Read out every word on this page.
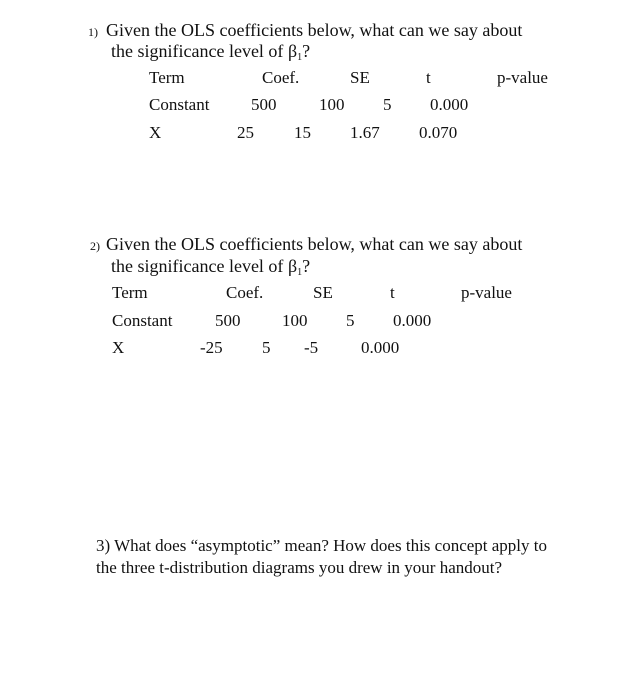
1) Given the OLS coefficients below, what can we say about
the significance level of $\beta_1$?
Term	Coef.	SE	t	p-value
Constant 500	100 5 0.000
X	25 15 1.67 0.070
2) Given the OLS coefficients below, what can we say about
the significance level of $\beta_1$?
Term	Coef.	SE	t	p-value
Constant	500 100 5 0.000
X	-25 5 -5	0.000
3) What does “asymptotic” mean? How does this concept apply to the three t-distribution diagrams you drew in your handout?
